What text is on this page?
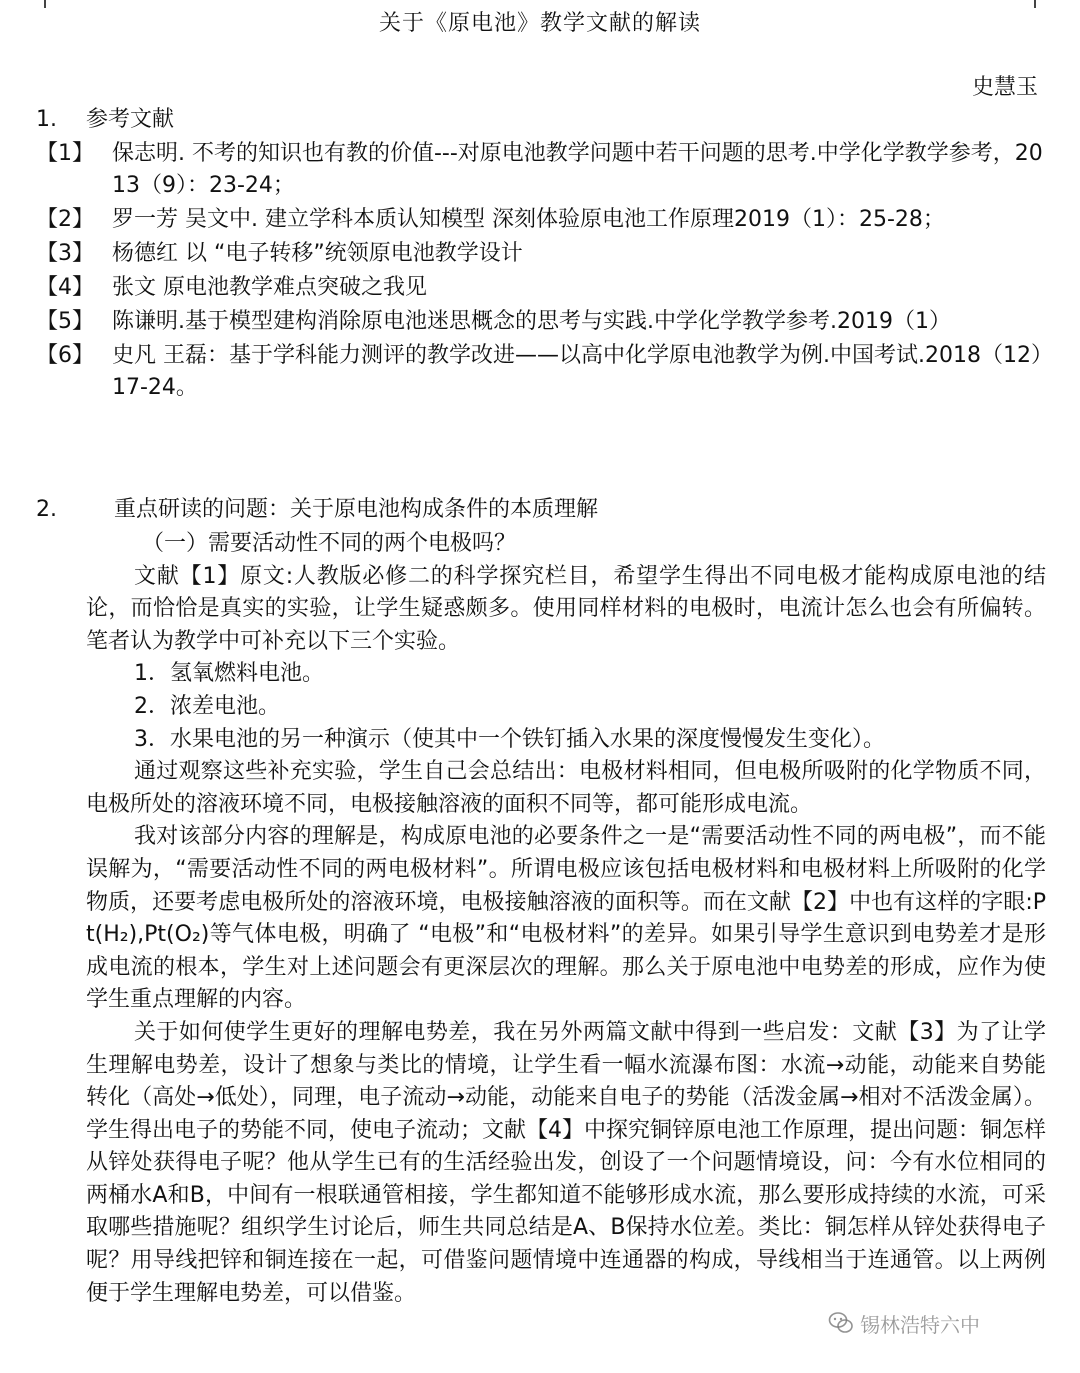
关于《原电池》教学文献的解读
史慧玉
1. 参考文献
【1】 保志明. 不考的知识也有教的价值---对原电池教学问题中若干问题的思考.中学化学教学参考，2013（9）：23-24；
【2】 罗一芳 吴文中. 建立学科本质认知模型 深刻体验原电池工作原理2019（1）：25-28；
【3】 杨德红 以 “电子转移”统领原电池教学设计
【4】 张文 原电池教学难点突破之我见
【5】 陈谦明.基于模型建构消除原电池迷思概念的思考与实践.中学化学教学参考.2019（1）
【6】 史凡 王磊：基于学科能力测评的教学改进——以高中化学原电池教学为例.中国考试.2018（12）17-24。
2.	重点研读的问题：关于原电池构成条件的本质理解

（一）需要活动性不同的两个电极吗？

文献【1】原文:人教版必修二的科学探究栏目，希望学生得出不同电极才能构成原电池的结论，而恰恰是真实的实验，让学生疑惑颇多。使用同样材料的电极时，电流计怎么也会有所偏转。笔者认为教学中可补充以下三个实验。

1．氢氧燃料电池。

2．浓差电池。

3．水果电池的另一种演示（使其中一个铁钉插入水果的深度慢慢发生变化）。

通过观察这些补充实验，学生自己会总结出：电极材料相同，但电极所吸附的化学物质不同，电极所处的溶液环境不同，电极接触溶液的面积不同等，都可能形成电流。

我对该部分内容的理解是，构成原电池的必要条件之一是“需要活动性不同的两电极”，而不能误解为，“需要活动性不同的两电极材料”。所谓电极应该包括电极材料和电极材料上所吸附的化学物质，还要考虑电极所处的溶液环境，电极接触溶液的面积等。而在文献【2】中也有这样的字眼:Pt(H₂),Pt(O₂)等气体电极，明确了 “电极”和“电极材料”的差异。如果引导学生意识到电势差才是形成电流的根本，学生对上述问题会有更深层次的理解。那么关于原电池中电势差的形成，应作为使学生重点理解的内容。

关于如何使学生更好的理解电势差，我在另外两篇文献中得到一些启发：文献【3】为了让学生理解电势差，设计了想象与类比的情境，让学生看一幅水流瀑布图：水流→动能，动能来自势能转化（高处→低处），同理，电子流动→动能，动能来自电子的势能（活泼金属→相对不活泼金属）。学生得出电子的势能不同，使电子流动；文献【4】中探究铜锌原电池工作原理，提出问题：铜怎样从锌处获得电子呢？他从学生已有的生活经验出发，创设了一个问题情境设，问：今有水位相同的两桶水A和B，中间有一根联通管相接，学生都知道不能够形成水流，那么要形成持续的水流，可采取哪些措施呢？组织学生讨论后，师生共同总结是A、B保持水位差。类比：铜怎样从锌处获得电子呢？用导线把锌和铜连接在一起，可借鉴问题情境中连通器的构成，导线相当于连通管。以上两例便于学生理解电势差，可以借鉴。

锡林浩特六中
